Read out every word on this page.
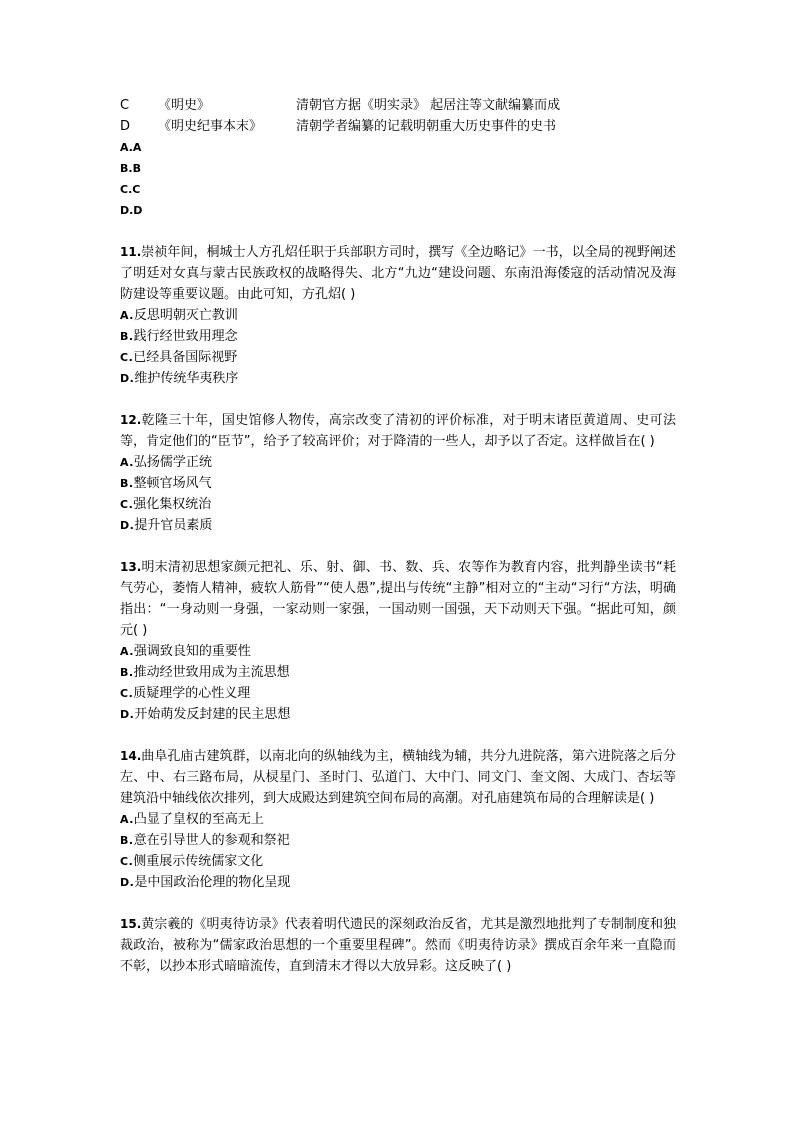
C	《明史》	清朝官方据《明实录》 起居注等文献编纂而成
D	《明史纪事本末》	清朝学者编纂的记载明朝重大历史事件的史书
A.A
B.B
C.C
D.D
11.崇祯年间，桐城士人方孔炤任职于兵部职方司时，撰写《全边略记》一书，以全局的视野阐述了明廷对女真与蒙古民族政权的战略得失、北方“九边“建设问题、东南沿海倭寇的活动情况及海防建设等重要议题。由此可知，方孔炤( )
A.反思明朝灭亡教训
B.践行经世致用理念
C.已经具备国际视野
D.维护传统华夷秩序
12.乾隆三十年，国史馆修人物传，高宗改变了清初的评价标准，对于明末诸臣黄道周、史可法等，肯定他们的“臣节”，给予了较高评价；对于降清的一些人，却予以了否定。这样做旨在( )
A.弘扬儒学正统
B.整顿官场风气
C.强化集权统治
D.提升官员素质
13.明末清初思想家颜元把礼、乐、射、御、书、数、兵、农等作为教育内容，批判静坐读书“耗气劳心，萎惰人精神，疲软人筋骨”“使人愚”,提出与传统“主静”相对立的“主动“习行“方法，明确指出：“一身动则一身强，一家动则一家强，一国动则一国强，天下动则天下强。“据此可知，颜元( )
A.强调致良知的重要性
B.推动经世致用成为主流思想
C.质疑理学的心性义理
D.开始萌发反封建的民主思想
14.曲阜孔庙古建筑群，以南北向的纵轴线为主，横轴线为辅，共分九进院落，第六进院落之后分左、中、右三路布局，从棂星门、圣时门、弘道门、大中门、同文门、奎文阁、大成门、杏坛等建筑沿中轴线依次排列，到大成殿达到建筑空间布局的高潮。对孔庙建筑布局的合理解读是( )
A.凸显了皇权的至高无上
B.意在引导世人的参观和祭祀
C.侧重展示传统儒家文化
D.是中国政治伦理的物化呈现
15.黄宗羲的《明夷待访录》代表着明代遗民的深刻政治反省，尤其是激烈地批判了专制制度和独裁政治，被称为“儒家政治思想的一个重要里程碑”。然而《明夷待访录》撰成百余年来一直隐而不彰，以抄本形式暗暗流传，直到清末才得以大放异彩。这反映了( )
